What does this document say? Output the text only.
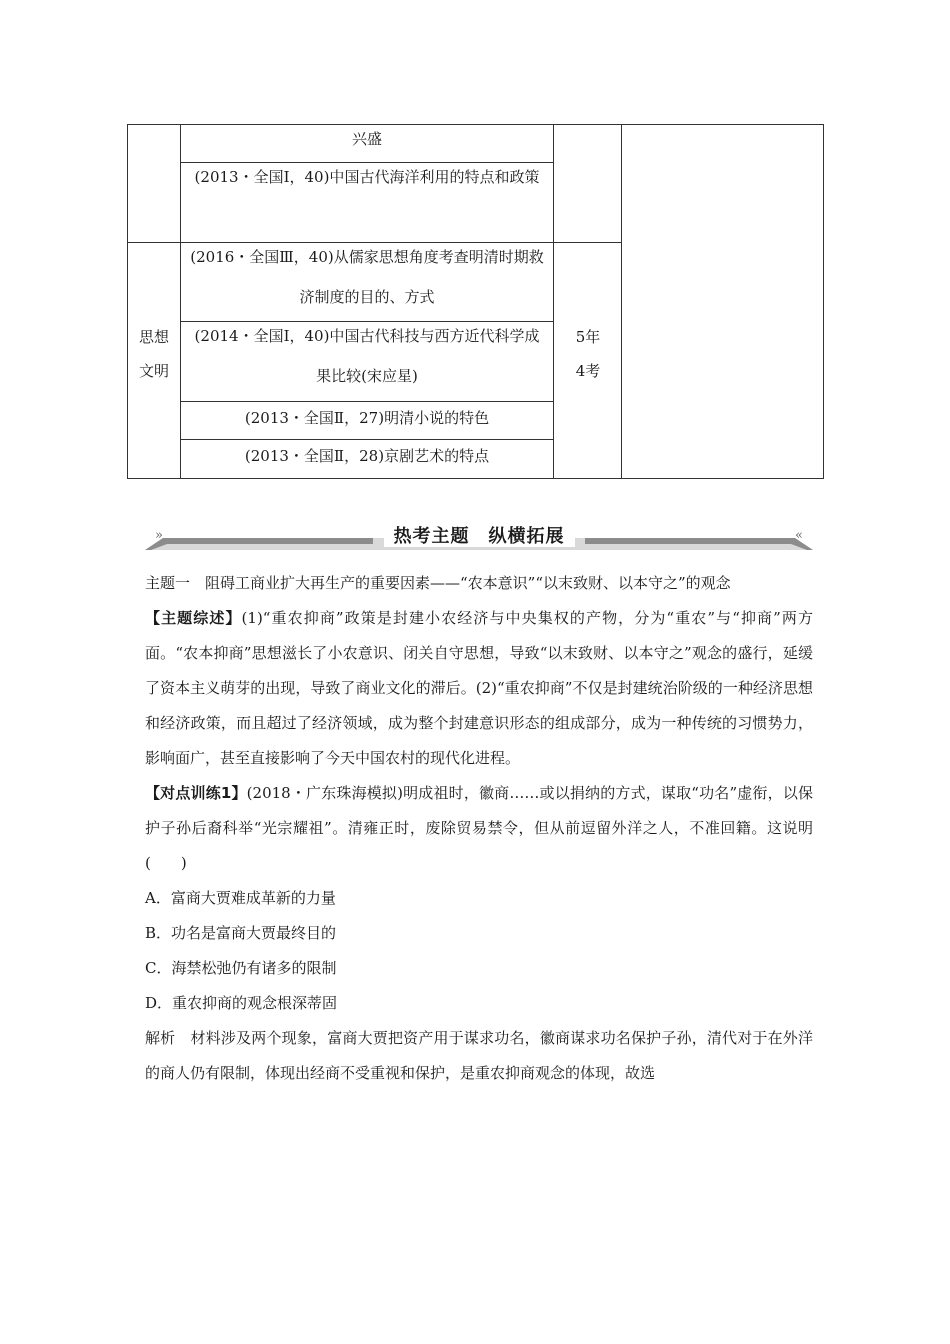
兴盛
(2013・全国Ⅰ，40)中国古代海洋利用的特点和政策
思想文明
(2016・全国Ⅲ，40)从儒家思想角度考查明清时期救济制度的目的、方式
(2014・全国Ⅰ，40)中国古代科技与西方近代科学成果比较(宋应星)
(2013・全国Ⅱ，27)明清小说的特色
(2013・全国Ⅱ，28)京剧艺术的特点
5年4考
»	«
热考主题　纵横拓展

主题一　阻碍工商业扩大再生产的重要因素——“农本意识”“以末致财、以本守之”的观念

【主题综述】(1)“重农抑商”政策是封建小农经济与中央集权的产物，分为“重农”与“抑商”两方面。“农本抑商”思想滋长了小农意识、闭关自守思想，导致“以末致财、以本守之”观念的盛行，延缓了资本主义萌芽的出现，导致了商业文化的滞后。(2)“重农抑商”不仅是封建统治阶级的一种经济思想和经济政策，而且超过了经济领域，成为整个封建意识形态的组成部分，成为一种传统的习惯势力，影响面广，甚至直接影响了今天中国农村的现代化进程。

【对点训练1】(2018・广东珠海模拟)明成祖时，徽商……或以捐纳的方式，谋取“功名”虚衔，以保护子孙后裔科举“光宗耀祖”。清雍正时，废除贸易禁令，但从前逗留外洋之人，不准回籍。这说明(　　)

A．富商大贾难成革新的力量

B．功名是富商大贾最终目的

C．海禁松弛仍有诸多的限制

D．重农抑商的观念根深蒂固

解析　材料涉及两个现象，富商大贾把资产用于谋求功名，徽商谋求功名保护子孙，清代对于在外洋的商人仍有限制，体现出经商不受重视和保护，是重农抑商观念的体现，故选
